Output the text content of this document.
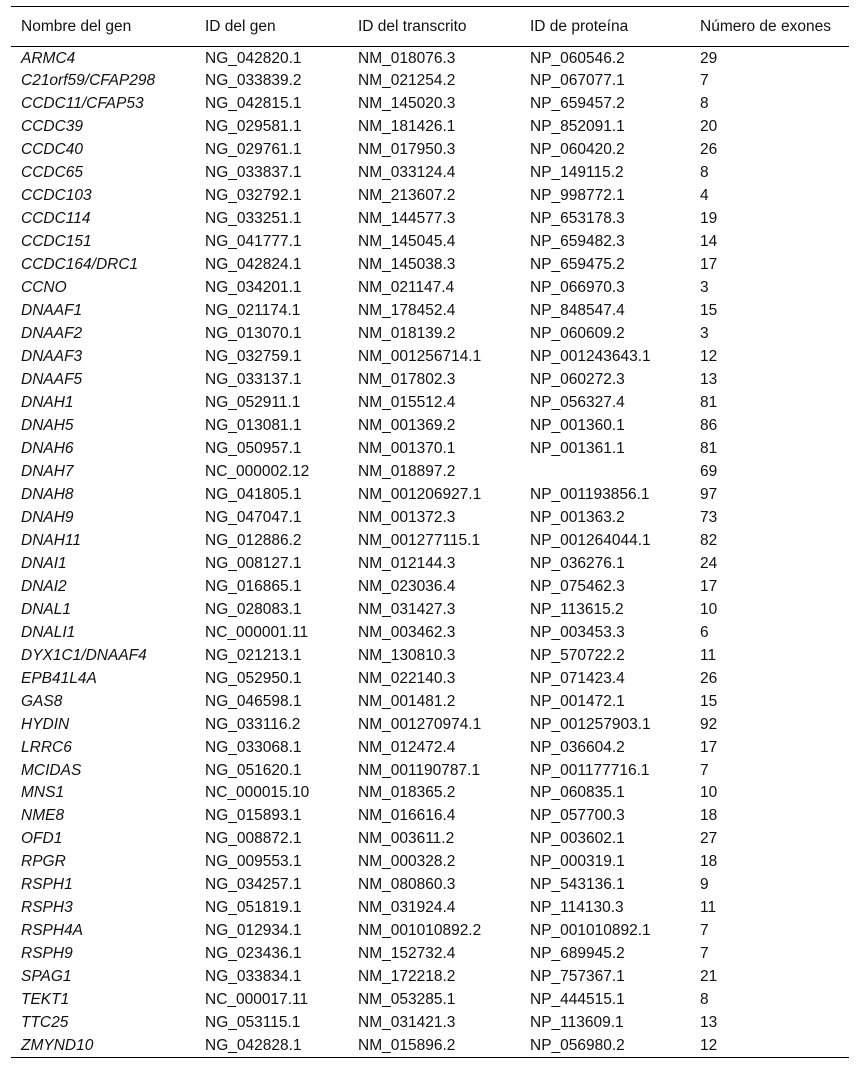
Nombre del gen	ID del gen	ID del transcrito	ID de proteína	Número de exones
ARMC4	NG_042820.1	NM_018076.3	NP_060546.2	29
C21orf59/CFAP298	NG_033839.2	NM_021254.2	NP_067077.1	7
CCDC11/CFAP53	NG_042815.1	NM_145020.3	NP_659457.2	8
CCDC39	NG_029581.1	NM_181426.1	NP_852091.1	20
CCDC40	NG_029761.1	NM_017950.3	NP_060420.2	26
CCDC65	NG_033837.1	NM_033124.4	NP_149115.2	8
CCDC103	NG_032792.1	NM_213607.2	NP_998772.1	4
CCDC114	NG_033251.1	NM_144577.3	NP_653178.3	19
CCDC151	NG_041777.1	NM_145045.4	NP_659482.3	14
CCDC164/DRC1	NG_042824.1	NM_145038.3	NP_659475.2	17
CCNO	NG_034201.1	NM_021147.4	NP_066970.3	3
DNAAF1	NG_021174.1	NM_178452.4	NP_848547.4	15
DNAAF2	NG_013070.1	NM_018139.2	NP_060609.2	3
DNAAF3	NG_032759.1	NM_001256714.1	NP_001243643.1	12
DNAAF5	NG_033137.1	NM_017802.3	NP_060272.3	13
DNAH1	NG_052911.1	NM_015512.4	NP_056327.4	81
DNAH5	NG_013081.1	NM_001369.2	NP_001360.1	86
DNAH6	NG_050957.1	NM_001370.1	NP_001361.1	81
DNAH7	NC_000002.12	NM_018897.2		69
DNAH8	NG_041805.1	NM_001206927.1	NP_001193856.1	97
DNAH9	NG_047047.1	NM_001372.3	NP_001363.2	73
DNAH11	NG_012886.2	NM_001277115.1	NP_001264044.1	82
DNAI1	NG_008127.1	NM_012144.3	NP_036276.1	24
DNAI2	NG_016865.1	NM_023036.4	NP_075462.3	17
DNAL1	NG_028083.1	NM_031427.3	NP_113615.2	10
DNALI1	NC_000001.11	NM_003462.3	NP_003453.3	6
DYX1C1/DNAAF4	NG_021213.1	NM_130810.3	NP_570722.2	11
EPB41L4A	NG_052950.1	NM_022140.3	NP_071423.4	26
GAS8	NG_046598.1	NM_001481.2	NP_001472.1	15
HYDIN	NG_033116.2	NM_001270974.1	NP_001257903.1	92
LRRC6	NG_033068.1	NM_012472.4	NP_036604.2	17
MCIDAS	NG_051620.1	NM_001190787.1	NP_001177716.1	7
MNS1	NC_000015.10	NM_018365.2	NP_060835.1	10
NME8	NG_015893.1	NM_016616.4	NP_057700.3	18
OFD1	NG_008872.1	NM_003611.2	NP_003602.1	27
RPGR	NG_009553.1	NM_000328.2	NP_000319.1	18
RSPH1	NG_034257.1	NM_080860.3	NP_543136.1	9
RSPH3	NG_051819.1	NM_031924.4	NP_114130.3	11
RSPH4A	NG_012934.1	NM_001010892.2	NP_001010892.1	7
RSPH9	NG_023436.1	NM_152732.4	NP_689945.2	7
SPAG1	NG_033834.1	NM_172218.2	NP_757367.1	21
TEKT1	NC_000017.11	NM_053285.1	NP_444515.1	8
TTC25	NG_053115.1	NM_031421.3	NP_113609.1	13
ZMYND10	NG_042828.1	NM_015896.2	NP_056980.2	12
